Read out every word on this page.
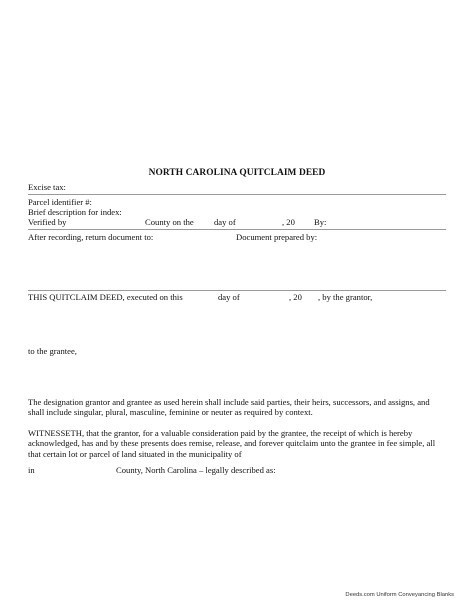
NORTH CAROLINA QUITCLAIM DEED
Excise tax:
Parcel identifier #:
Brief description for index:
Verified by	County on the day of	, 20 By:
After recording, return document to:	Document prepared by:
THIS QUITCLAIM DEED, executed on this	day of	, 20 , by the grantor,
to the grantee,
The designation grantor and grantee as used herein shall include said parties, their heirs, successors, and assigns, and shall include singular, plural, masculine, feminine or neuter as required by context.
WITNESSETH, that the grantor, for a valuable consideration paid by the grantee, the receipt of which is hereby acknowledged, has and by these presents does remise, release, and forever quitclaim unto the grantee in fee simple, all that certain lot or parcel of land situated in the municipality of
in	County, North Carolina – legally described as:
Deeds.com Uniform Conveyancing Blanks
